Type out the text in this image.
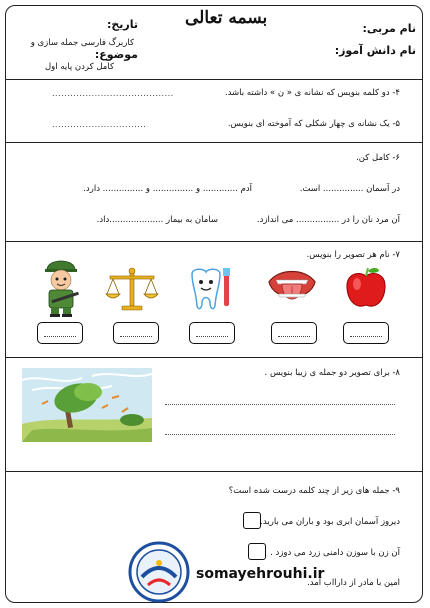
بسمه تعالی
نام مربی:
نام دانش آموز:
تاریخ:
موضوع:
کاربرگ فارسی جمله سازی و
کامل کردن پایه اول
۴- دو کلمه بنویس که نشانه ی « ن » داشته باشد.
........................................
۵- یک نشانه ی چهار شکلی که آموخته ای بنویس.
...............................
۶- کامل کن.
در آسمان ............... است.
آدم ............. و ............... و ............... دارد.
آن مرد نان را در ................ می اندازد.
سامان به بیمار ....................داد.
۷- نام هر تصویر را بنویس.
۸- برای تصویر دو جمله ی زیبا بنویس .
۹- جمله های زیر از چند کلمه درست شده است؟
دیروز آسمان ابری بود و باران می بارید.
آن زن با سوزن دامنی زرد می دوزد .
امین با مادر از دارااب آمد.
somayehrouhi.ir
